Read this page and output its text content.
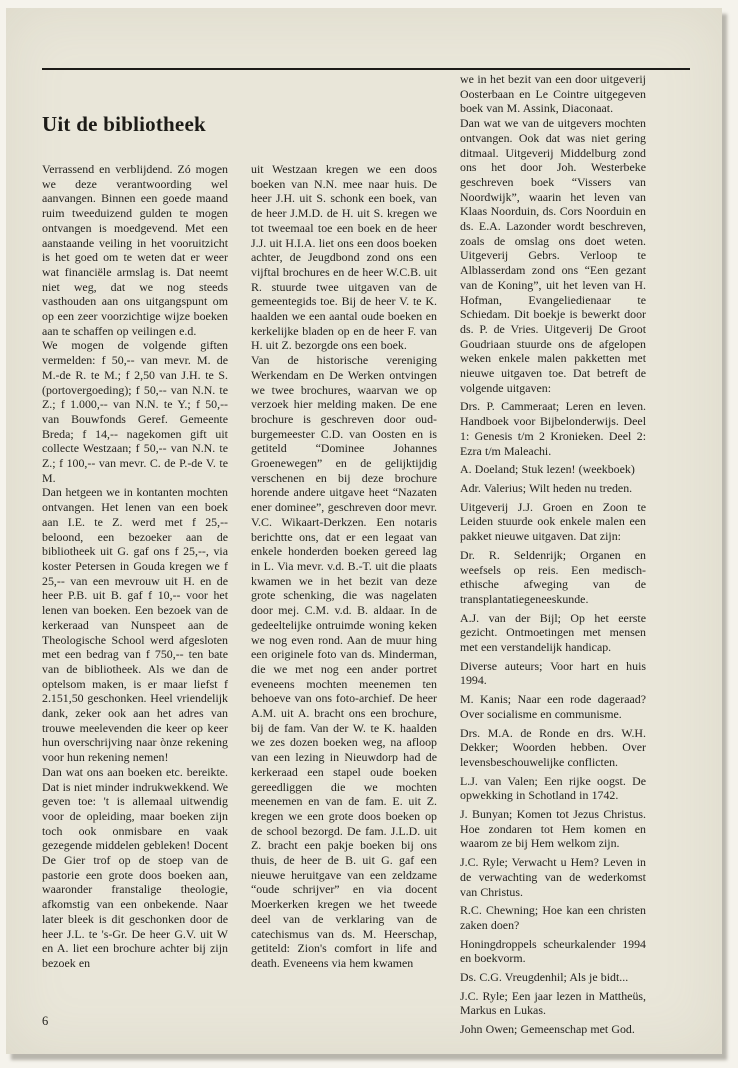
Uit de bibliotheek

Verrassend en verblijdend. Zó mogen we deze verantwoording wel aanvangen. Binnen een goede maand ruim tweeduizend gulden te mogen ontvangen is moedgevend. Met een aanstaande veiling in het vooruitzicht is het goed om te weten dat er weer wat financiële armslag is. Dat neemt niet weg, dat we nog steeds vasthouden aan ons uitgangspunt om op een zeer voorzichtige wijze boeken aan te schaffen op veilingen e.d.

We mogen de volgende giften vermelden: f 50,-- van mevr. M. de M.-de R. te M.; f 2,50 van J.H. te S. (portovergoeding); f 50,-- van N.N. te Z.; f 1.000,-- van N.N. te Y.; f 50,-- van Bouwfonds Geref. Gemeente Breda; f 14,-- nagekomen gift uit collecte Westzaan; f 50,-- van N.N. te Z.; f 100,-- van mevr. C. de P.-de V. te M.

Dan hetgeen we in kontanten mochten ontvangen. Het lenen van een boek aan I.E. te Z. werd met f 25,-- beloond, een bezoeker aan de bibliotheek uit G. gaf ons f 25,--, via koster Petersen in Gouda kregen we f 25,-- van een mevrouw uit H. en de heer P.B. uit B. gaf f 10,-- voor het lenen van boeken. Een bezoek van de kerkeraad van Nunspeet aan de Theologische School werd afgesloten met een bedrag van f 750,-- ten bate van de bibliotheek. Als we dan de optelsom maken, is er maar liefst f 2.151,50 geschonken. Heel vriendelijk dank, zeker ook aan het adres van trouwe meelevenden die keer op keer hun overschrijving naar ònze rekening voor hun rekening nemen!

Dan wat ons aan boeken etc. bereikte. Dat is niet minder indrukwekkend. We geven toe: 't is allemaal uitwendig voor de opleiding, maar boeken zijn toch ook onmisbare en vaak gezegende middelen gebleken! Docent De Gier trof op de stoep van de pastorie een grote doos boeken aan, waaronder franstalige theologie, afkomstig van een onbekende. Naar later bleek is dit geschonken door de heer J.L. te 's-Gr. De heer G.V. uit W en A. liet een brochure achter bij zijn bezoek en

uit Westzaan kregen we een doos boeken van N.N. mee naar huis. De heer J.H. uit S. schonk een boek, van de heer J.M.D. de H. uit S. kregen we tot tweemaal toe een boek en de heer J.J. uit H.I.A. liet ons een doos boeken achter, de Jeugdbond zond ons een vijftal brochures en de heer W.C.B. uit R. stuurde twee uitgaven van de gemeentegids toe. Bij de heer V. te K. haalden we een aantal oude boeken en kerkelijke bladen op en de heer F. van H. uit Z. bezorgde ons een boek.

Van de historische vereniging Werkendam en De Werken ontvingen we twee brochures, waarvan we op verzoek hier melding maken. De ene brochure is geschreven door oud-burgemeester C.D. van Oosten en is getiteld “Dominee Johannes Groenewegen” en de gelijktijdig verschenen en bij deze brochure horende andere uitgave heet “Nazaten ener dominee”, geschreven door mevr. V.C. Wikaart-Derkzen. Een notaris berichtte ons, dat er een legaat van enkele honderden boeken gereed lag in L. Via mevr. v.d. B.-T. uit die plaats kwamen we in het bezit van deze grote schenking, die was nagelaten door mej. C.M. v.d. B. aldaar. In de gedeeltelijke ontruimde woning keken we nog even rond. Aan de muur hing een originele foto van ds. Minderman, die we met nog een ander portret eveneens mochten meenemen ten behoeve van ons foto-archief. De heer A.M. uit A. bracht ons een brochure, bij de fam. Van der W. te K. haalden we zes dozen boeken weg, na afloop van een lezing in Nieuwdorp had de kerkeraad een stapel oude boeken gereedliggen die we mochten meenemen en van de fam. E. uit Z. kregen we een grote doos boeken op de school bezorgd. De fam. J.L.D. uit Z. bracht een pakje boeken bij ons thuis, de heer de B. uit G. gaf een nieuwe heruitgave van een zeldzame “oude schrijver” en via docent Moerkerken kregen we het tweede deel van de verklaring van de catechismus van ds. M. Heerschap, getiteld: Zion's comfort in life and death. Eveneens via hem kwamen

we in het bezit van een door uitgeverij Oosterbaan en Le Cointre uitgegeven boek van M. Assink, Diaconaat.

Dan wat we van de uitgevers mochten ontvangen. Ook dat was niet gering ditmaal. Uitgeverij Middelburg zond ons het door Joh. Westerbeke geschreven boek “Vissers van Noordwijk”, waarin het leven van Klaas Noorduin, ds. Cors Noorduin en ds. E.A. Lazonder wordt beschreven, zoals de omslag ons doet weten. Uitgeverij Gebrs. Verloop te Alblasserdam zond ons “Een gezant van de Koning”, uit het leven van H. Hofman, Evangeliedienaar te Schiedam. Dit boekje is bewerkt door ds. P. de Vries. Uitgeverij De Groot Goudriaan stuurde ons de afgelopen weken enkele malen pakketten met nieuwe uitgaven toe. Dat betreft de volgende uitgaven:

Drs. P. Cammeraat; Leren en leven. Handboek voor Bijbelonderwijs. Deel 1: Genesis t/m 2 Kronieken. Deel 2: Ezra t/m Maleachi.

A. Doeland; Stuk lezen! (weekboek)

Adr. Valerius; Wilt heden nu treden.

Uitgeverij J.J. Groen en Zoon te Leiden stuurde ook enkele malen een pakket nieuwe uitgaven. Dat zijn:

Dr. R. Seldenrijk; Organen en weefsels op reis. Een medisch-ethische afweging van de transplantatiegeneeskunde.

A.J. van der Bijl; Op het eerste gezicht. Ontmoetingen met mensen met een verstandelijk handicap.

Diverse auteurs; Voor hart en huis 1994.

M. Kanis; Naar een rode dageraad? Over socialisme en communisme.

Drs. M.A. de Ronde en drs. W.H. Dekker; Woorden hebben. Over levensbeschouwelijke conflicten.

L.J. van Valen; Een rijke oogst. De opwekking in Schotland in 1742.

J. Bunyan; Komen tot Jezus Christus. Hoe zondaren tot Hem komen en waarom ze bij Hem welkom zijn.

J.C. Ryle; Verwacht u Hem? Leven in de verwachting van de wederkomst van Christus.

R.C. Chewning; Hoe kan een christen zaken doen?

Honingdroppels scheurkalender 1994 en boekvorm.

Ds. C.G. Vreugdenhil; Als je bidt...

J.C. Ryle; Een jaar lezen in Mattheüs, Markus en Lukas.

John Owen; Gemeenschap met God.

6
